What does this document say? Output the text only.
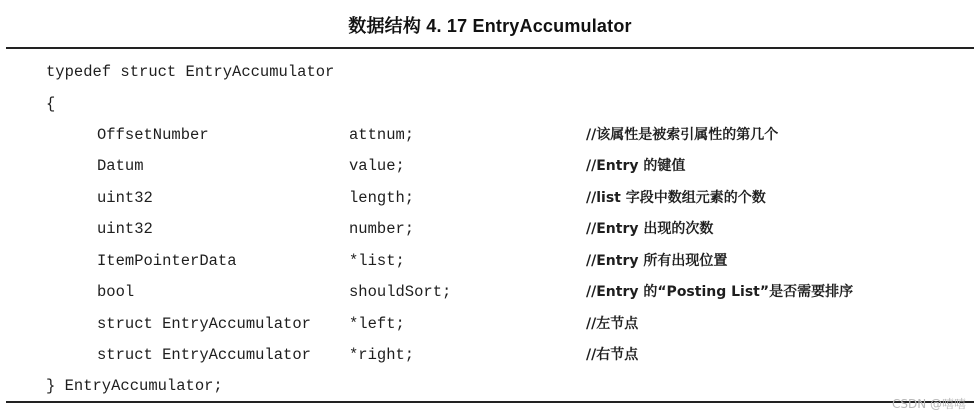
数据结构 4. 17 EntryAccumulator
typedef struct EntryAccumulator
{
OffsetNumber	attnum;	//该属性是被索引属性的第几个
Datum	value;	//Entry 的键值
uint32	length;	//list 字段中数组元素的个数
uint32	number;	//Entry 出现的次数
ItemPointerData	*list;	//Entry 所有出现位置
bool	shouldSort;	//Entry 的“Posting List”是否需要排序
struct EntryAccumulator *left;	//左节点
struct EntryAccumulator *right;	//右节点
} EntryAccumulator;
CSDN @嘻嘻
